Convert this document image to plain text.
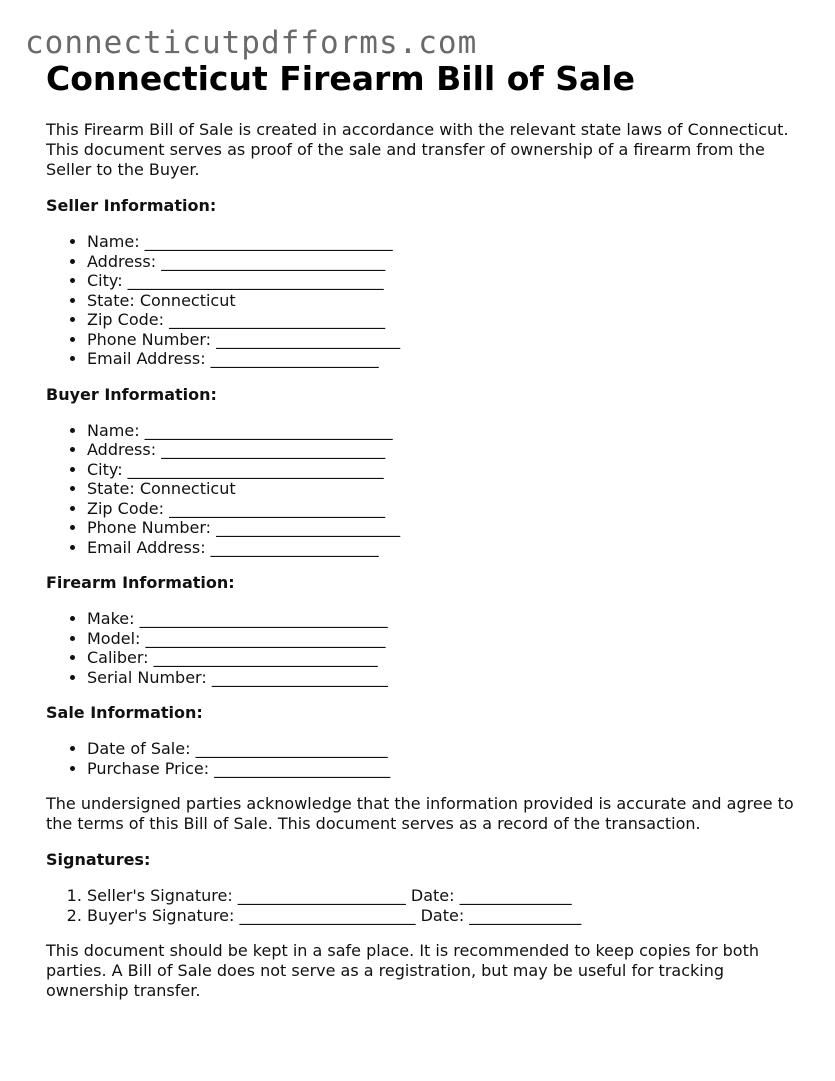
connecticutpdfforms.com
Connecticut Firearm Bill of Sale

This Firearm Bill of Sale is created in accordance with the relevant state laws of Connecticut. This document serves as proof of the sale and transfer of ownership of a firearm from the Seller to the Buyer.

Seller Information:
• Name: _______________________________
• Address: ____________________________
• City: ________________________________
• State: Connecticut
• Zip Code: ___________________________
• Phone Number: _______________________
• Email Address: _____________________
Buyer Information:
• Name: _______________________________
• Address: ____________________________
• City: ________________________________
• State: Connecticut
• Zip Code: ___________________________
• Phone Number: _______________________
• Email Address: _____________________
Firearm Information:
• Make: _______________________________
• Model: ______________________________
• Caliber: ____________________________
• Serial Number: ______________________
Sale Information:
• Date of Sale: ________________________
• Purchase Price: ______________________

The undersigned parties acknowledge that the information provided is accurate and agree to the terms of this Bill of Sale. This document serves as a record of the transaction.

Signatures:
1. Seller's Signature: _____________________ Date: ______________
2. Buyer's Signature: ______________________ Date: ______________

This document should be kept in a safe place. It is recommended to keep copies for both parties. A Bill of Sale does not serve as a registration, but may be useful for tracking ownership transfer.
